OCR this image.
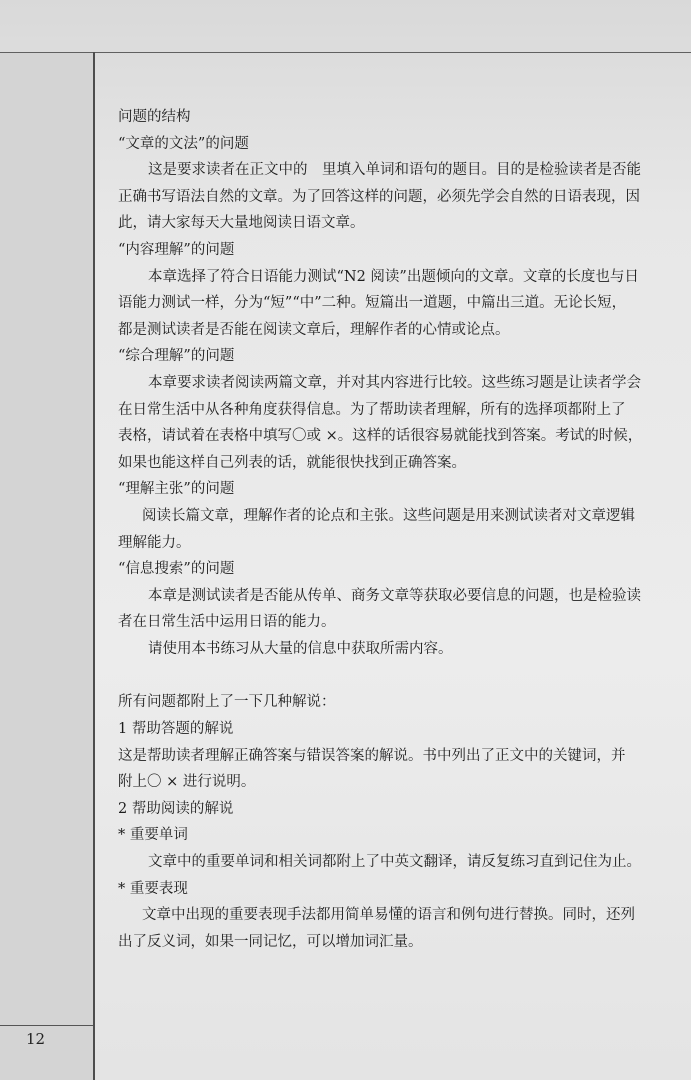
12
问题的结构
“文章的文法”的问题
这是要求读者在正文中的　里填入单词和语句的题目。目的是检验读者是否能
正确书写语法自然的文章。为了回答这样的问题，必须先学会自然的日语表现，因
此，请大家每天大量地阅读日语文章。
“内容理解”的问题
本章选择了符合日语能力测试“N2 阅读”出题倾向的文章。文章的长度也与日
语能力测试一样，分为“短”“中”二种。短篇出一道题，中篇出三道。无论长短，
都是测试读者是否能在阅读文章后，理解作者的心情或论点。
“综合理解”的问题
本章要求读者阅读两篇文章，并对其内容进行比较。这些练习题是让读者学会
在日常生活中从各种角度获得信息。为了帮助读者理解，所有的选择项都附上了
表格，请试着在表格中填写〇或 ×。这样的话很容易就能找到答案。考试的时候，
如果也能这样自己列表的话，就能很快找到正确答案。
“理解主张”的问题
阅读长篇文章，理解作者的论点和主张。这些问题是用来测试读者对文章逻辑
理解能力。
“信息搜索”的问题
本章是测试读者是否能从传单、商务文章等获取必要信息的问题，也是检验读
者在日常生活中运用日语的能力。
请使用本书练习从大量的信息中获取所需内容。
所有问题都附上了一下几种解说：
1 帮助答题的解说
这是帮助读者理解正确答案与错误答案的解说。书中列出了正文中的关键词，并
附上〇 × 进行说明。
2 帮助阅读的解说
* 重要单词
文章中的重要单词和相关词都附上了中英文翻译，请反复练习直到记住为止。
* 重要表现
文章中出现的重要表现手法都用简单易懂的语言和例句进行替换。同时，还列
出了反义词，如果一同记忆，可以增加词汇量。
